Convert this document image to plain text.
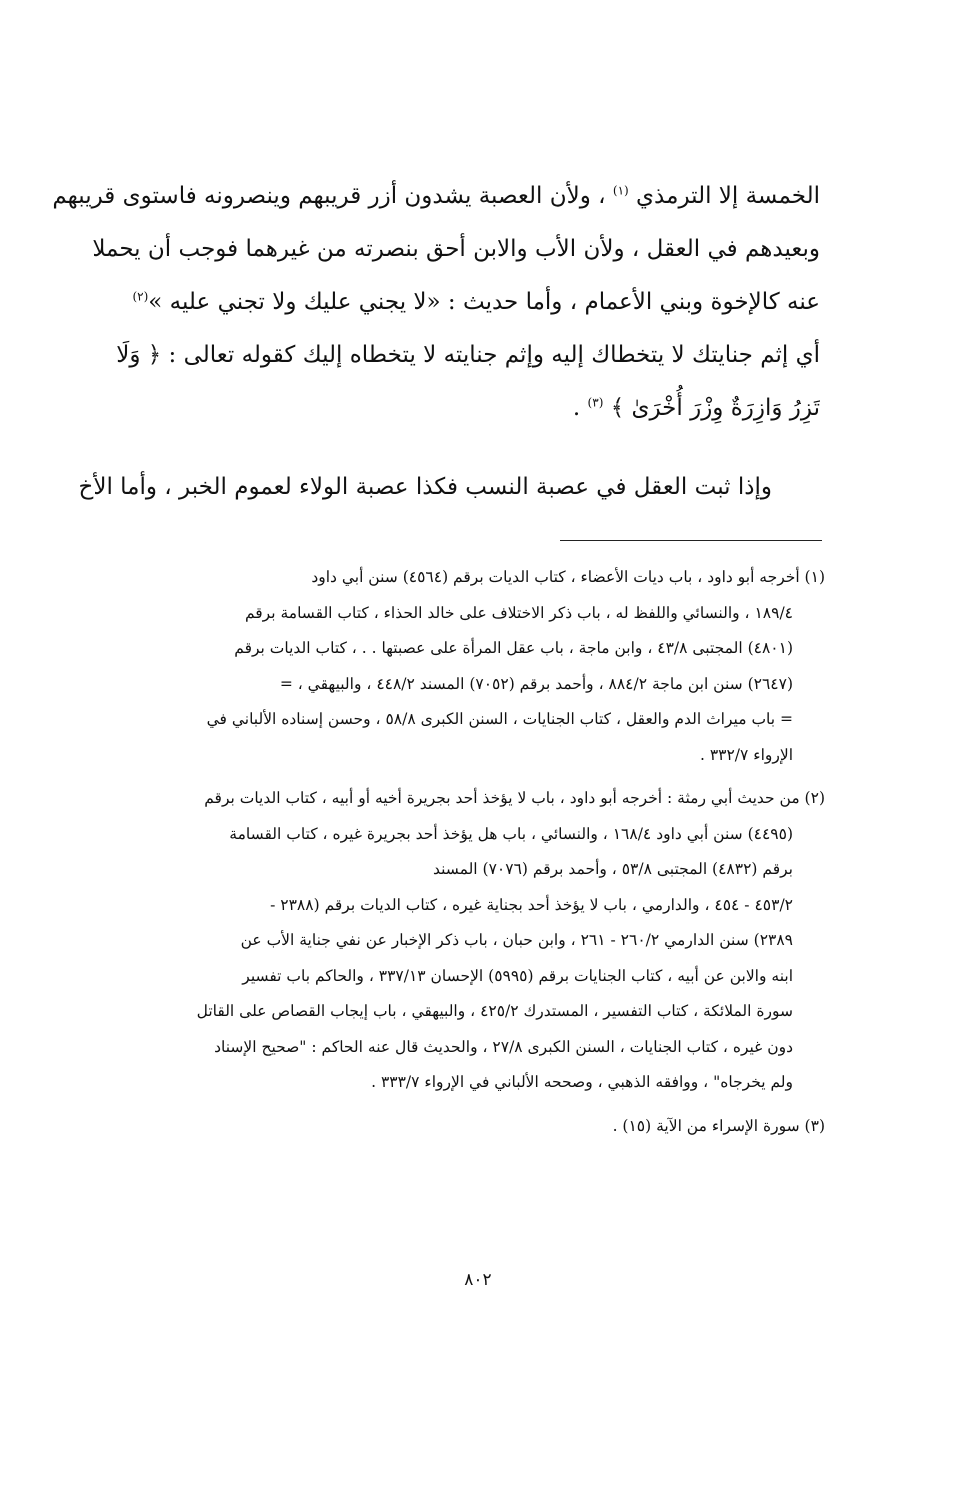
الخمسة إلا الترمذي $^{(١)}$ ، ولأن العصبة يشدون أزر قريبهم وينصرونه فاستوى قريبهم
وبعيدهم في العقل ، ولأن الأب والابن أحق بنصرته من غيرهما فوجب أن يحملا
عنه كالإخوة وبني الأعمام ، وأما حديث : «لا يجني عليك ولا تجني عليه »$^{(٢)}$
أي إثم جنايتك لا يتخطاك إليه وإثم جنايته لا يتخطاه إليك كقوله تعالى : ﴿ وَلَا
تَزِرُ وَازِرَةٌ وِزْرَ أُخْرَىٰ ﴾ $^{(٣)}$ .
وإذا ثبت العقل في عصبة النسب فكذا عصبة الولاء لعموم الخبر ، وأما الأخ
(١) أخرجه أبو داود ، باب ديات الأعضاء ، كتاب الديات برقم (٤٥٦٤) سنن أبي داود
١٨٩/٤ ، والنسائي واللفظ له ، باب ذكر الاختلاف على خالد الحذاء ، كتاب القسامة برقم
(٤٨٠١) المجتبى ٤٣/٨ ، وابن ماجة ، باب عقل المرأة على عصبتها . . ، كتاب الديات برقم
(٢٦٤٧) سنن ابن ماجة ٨٨٤/٢ ، وأحمد برقم (٧٠٥٢) المسند ٤٤٨/٢ ، والبيهقي ، =
= باب ميراث الدم والعقل ، كتاب الجنايات ، السنن الكبرى ٥٨/٨ ، وحسن إسناده الألباني في
الإرواء ٣٣٢/٧ .
(٢) من حديث أبي رمثة : أخرجه أبو داود ، باب لا يؤخذ أحد بجريرة أخيه أو أبيه ، كتاب الديات برقم
(٤٤٩٥) سنن أبي داود ١٦٨/٤ ، والنسائي ، باب هل يؤخذ أحد بجريرة غيره ، كتاب القسامة
برقم (٤٨٣٢) المجتبى ٥٣/٨ ، وأحمد برقم (٧٠٧٦) المسند
٤٥٣/٢ - ٤٥٤ ، والدارمي ، باب لا يؤخذ أحد بجناية غيره ، كتاب الديات برقم (٢٣٨٨ -
٢٣٨٩) سنن الدارمي ٢٦٠/٢ - ٢٦١ ، وابن حبان ، باب ذكر الإخبار عن نفي جناية الأب عن
ابنه والابن عن أبيه ، كتاب الجنايات برقم (٥٩٩٥) الإحسان ٣٣٧/١٣ ، والحاكم باب تفسير
سورة الملائكة ، كتاب التفسير ، المستدرك ٤٢٥/٢ ، والبيهقي ، باب إيجاب القصاص على القاتل
دون غيره ، كتاب الجنايات ، السنن الكبرى ٢٧/٨ ، والحديث قال عنه الحاكم : "صحيح الإسناد
ولم يخرجاه" ، ووافقه الذهبي ، وصححه الألباني في الإرواء ٣٣٣/٧ .
(٣) سورة الإسراء من الآية (١٥) .
٨٠٢
